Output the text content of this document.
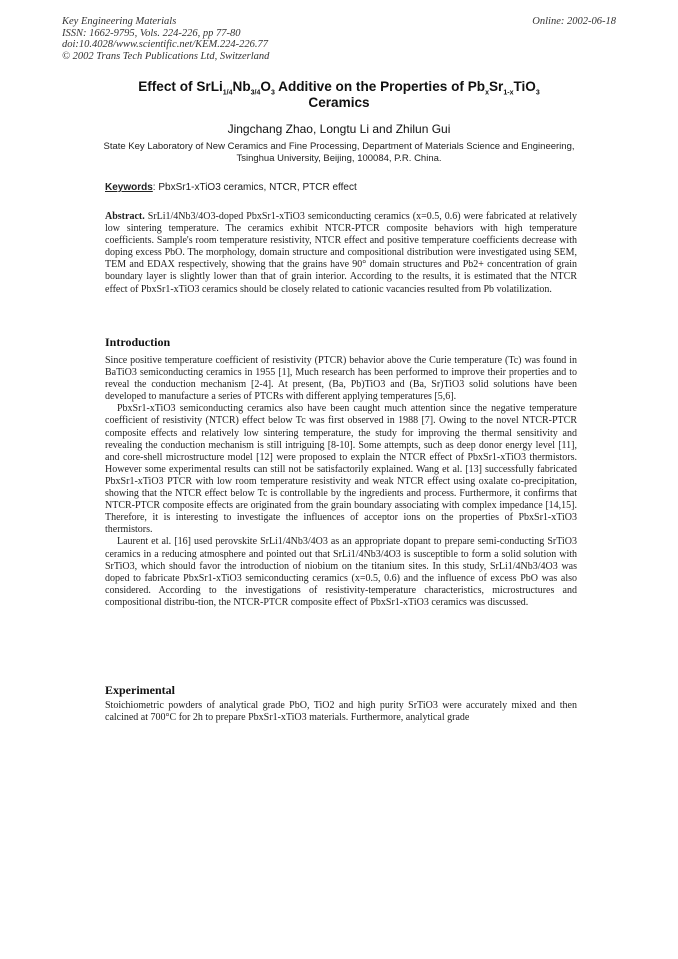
Key Engineering Materials
ISSN: 1662-9795, Vols. 224-226, pp 77-80
doi:10.4028/www.scientific.net/KEM.224-226.77
© 2002 Trans Tech Publications Ltd, Switzerland
Online: 2002-06-18
Effect of $SrLi_{1/4}Nb_{3/4}O_3$ Additive on the Properties of $Pb_xSr_{1-x}TiO_3$
Ceramics
Jingchang Zhao, Longtu Li and Zhilun Gui
State Key Laboratory of New Ceramics and Fine Processing, Department of Materials Science and Engineering, Tsinghua University, Beijing, 100084, P.R. China.
Keywords: PbxSr1-xTiO3 ceramics, NTCR, PTCR effect
Abstract. SrLi1/4Nb3/4O3-doped PbxSr1-xTiO3 semiconducting ceramics (x=0.5, 0.6) were fabricated at relatively low sintering temperature. The ceramics exhibit NTCR-PTCR composite behaviors with high temperature coefficients. Sample's room temperature resistivity, NTCR effect and positive temperature coefficients decrease with doping excess PbO. The morphology, domain structure and compositional distribution were investigated using SEM, TEM and EDAX respectively, showing that the grains have 90° domain structures and Pb2+ concentration of grain boundary layer is slightly lower than that of grain interior. According to the results, it is estimated that the NTCR effect of PbxSr1-xTiO3 ceramics should be closely related to cationic vacancies resulted from Pb volatilization.
Introduction

Since positive temperature coefficient of resistivity (PTCR) behavior above the Curie temperature (Tc) was found in BaTiO3 semiconducting ceramics in 1955 [1], Much research has been performed to improve their properties and to reveal the conduction mechanism [2-4]. At present, (Ba, Pb)TiO3 and (Ba, Sr)TiO3 solid solutions have been developed to manufacture a series of PTCRs with different applying temperatures [5,6].

PbxSr1-xTiO3 semiconducting ceramics also have been caught much attention since the negative temperature coefficient of resistivity (NTCR) effect below Tc was first observed in 1988 [7]. Owing to the novel NTCR-PTCR composite effects and relatively low sintering temperature, the study for improving the thermal sensitivity and revealing the conduction mechanism is still intriguing [8-10]. Some attempts, such as deep donor energy level [11], and core-shell microstructure model [12] were proposed to explain the NTCR effect of PbxSr1-xTiO3 thermistors. However some experimental results can still not be satisfactorily explained. Wang et al. [13] successfully fabricated PbxSr1-xTiO3 PTCR with low room temperature resistivity and weak NTCR effect using oxalate co-precipitation, showing that the NTCR effect below Tc is controllable by the ingredients and process. Furthermore, it confirms that NTCR-PTCR composite effects are originated from the grain boundary associating with complex impedance [14,15]. Therefore, it is interesting to investigate the influences of acceptor ions on the properties of PbxSr1-xTiO3 thermistors.

Laurent et al. [16] used perovskite SrLi1/4Nb3/4O3 as an appropriate dopant to prepare semi-conducting SrTiO3 ceramics in a reducing atmosphere and pointed out that SrLi1/4Nb3/4O3 is susceptible to form a solid solution with SrTiO3, which should favor the introduction of niobium on the titanium sites. In this study, SrLi1/4Nb3/4O3 was doped to fabricate PbxSr1-xTiO3 semiconducting ceramics (x=0.5, 0.6) and the influence of excess PbO was also considered. According to the investigations of resistivity-temperature characteristics, microstructures and compositional distribu-tion, the NTCR-PTCR composite effect of PbxSr1-xTiO3 ceramics was discussed.

Experimental

Stoichiometric powders of analytical grade PbO, TiO2 and high purity SrTiO3 were accurately mixed and then calcined at 700°C for 2h to prepare PbxSr1-xTiO3 materials. Furthermore, analytical grade
